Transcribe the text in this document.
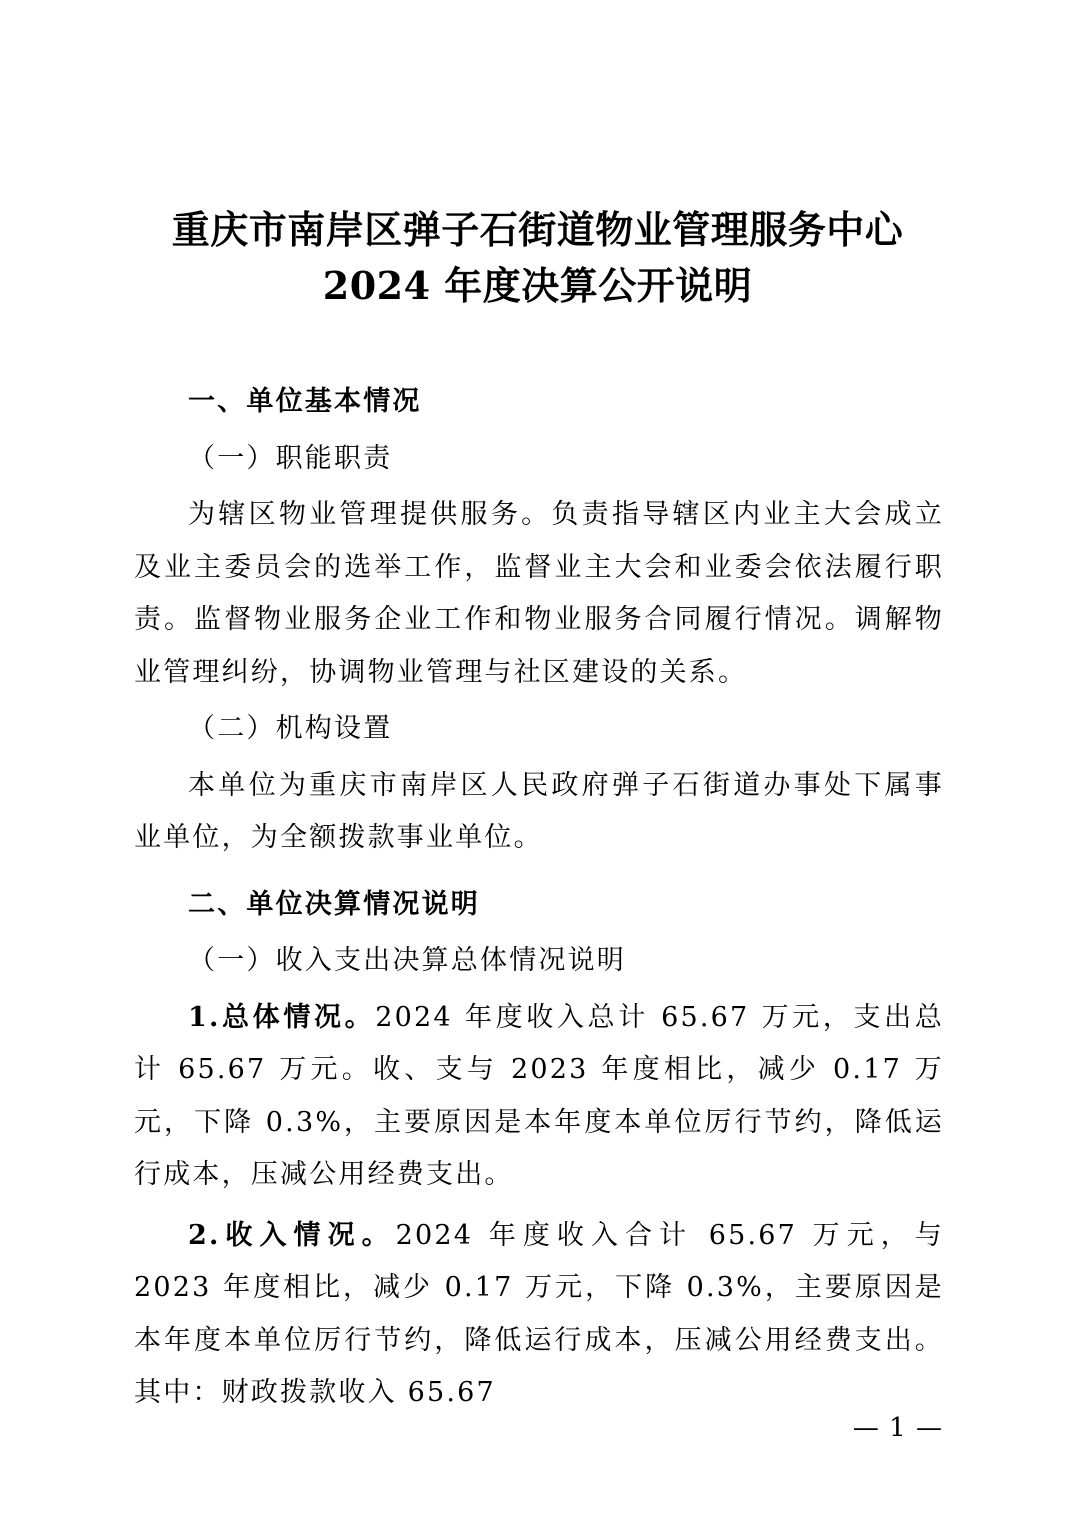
重庆市南岸区弹子石街道物业管理服务中心
2024 年度决算公开说明

一、单位基本情况

（一）职能职责

为辖区物业管理提供服务。负责指导辖区内业主大会成立及业主委员会的选举工作，监督业主大会和业委会依法履行职责。监督物业服务企业工作和物业服务合同履行情况。调解物业管理纠纷，协调物业管理与社区建设的关系。

（二）机构设置

本单位为重庆市南岸区人民政府弹子石街道办事处下属事业单位，为全额拨款事业单位。

二、单位决算情况说明

（一）收入支出决算总体情况说明

1.总体情况。2024 年度收入总计 65.67 万元，支出总计 65.67 万元。收、支与 2023 年度相比，减少 0.17 万元，下降 0.3%，主要原因是本年度本单位厉行节约，降低运行成本，压减公用经费支出。

2.收入情况。2024 年度收入合计 65.67 万元，与 2023 年度相比，减少 0.17 万元，下降 0.3%，主要原因是本年度本单位厉行节约，降低运行成本，压减公用经费支出。其中：财政拨款收入 65.67

— 1 —
